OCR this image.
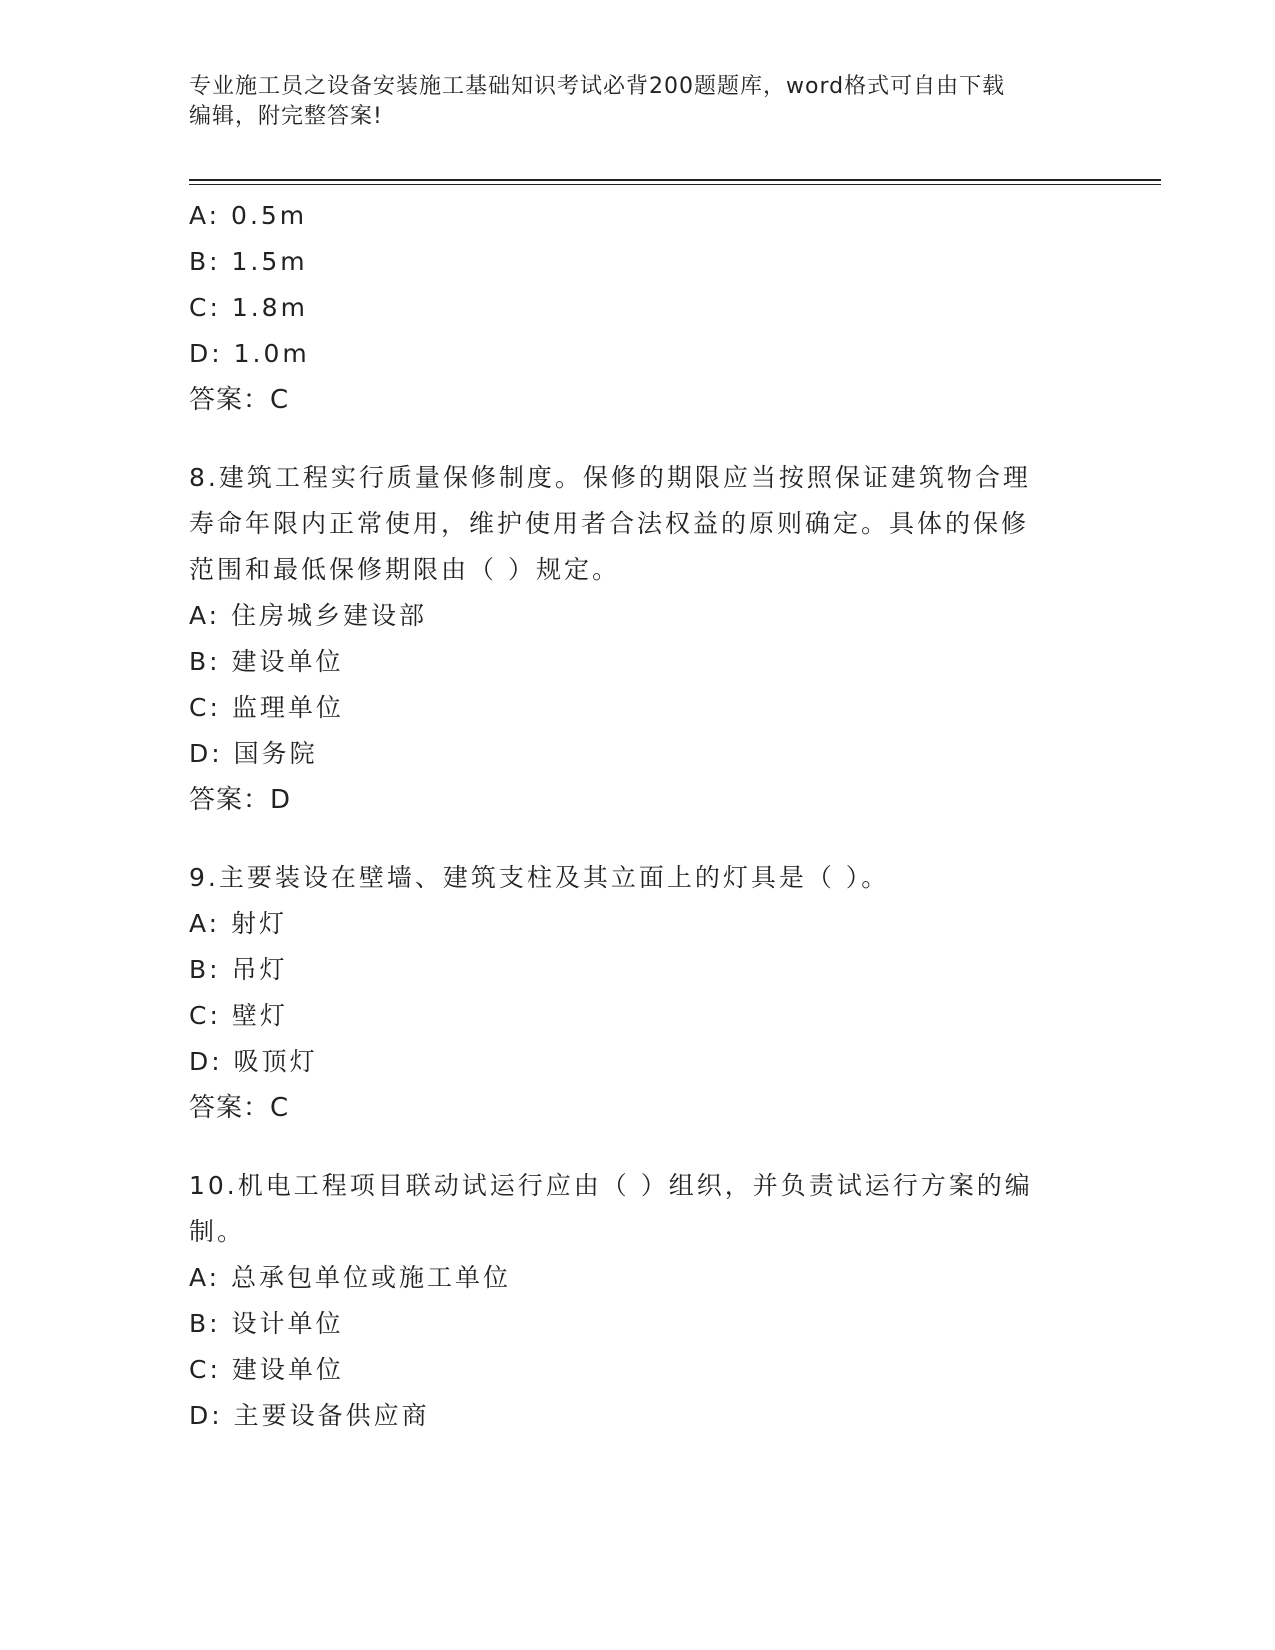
专业施工员之设备安装施工基础知识考试必背200题题库，word格式可自由下载
编辑，附完整答案!
A: 0.5m
B: 1.5m
C: 1.8m
D: 1.0m
答案：C
8.建筑工程实行质量保修制度。保修的期限应当按照保证建筑物合理
寿命年限内正常使用，维护使用者合法权益的原则确定。具体的保修
范围和最低保修期限由（ ）规定。
A: 住房城乡建设部
B: 建设单位
C: 监理单位
D: 国务院
答案：D
9.主要装设在壁墙、建筑支柱及其立面上的灯具是（ ）。
A: 射灯
B: 吊灯
C: 壁灯
D: 吸顶灯
答案：C
10.机电工程项目联动试运行应由（ ）组织，并负责试运行方案的编
制。
A: 总承包单位或施工单位
B: 设计单位
C: 建设单位
D: 主要设备供应商
